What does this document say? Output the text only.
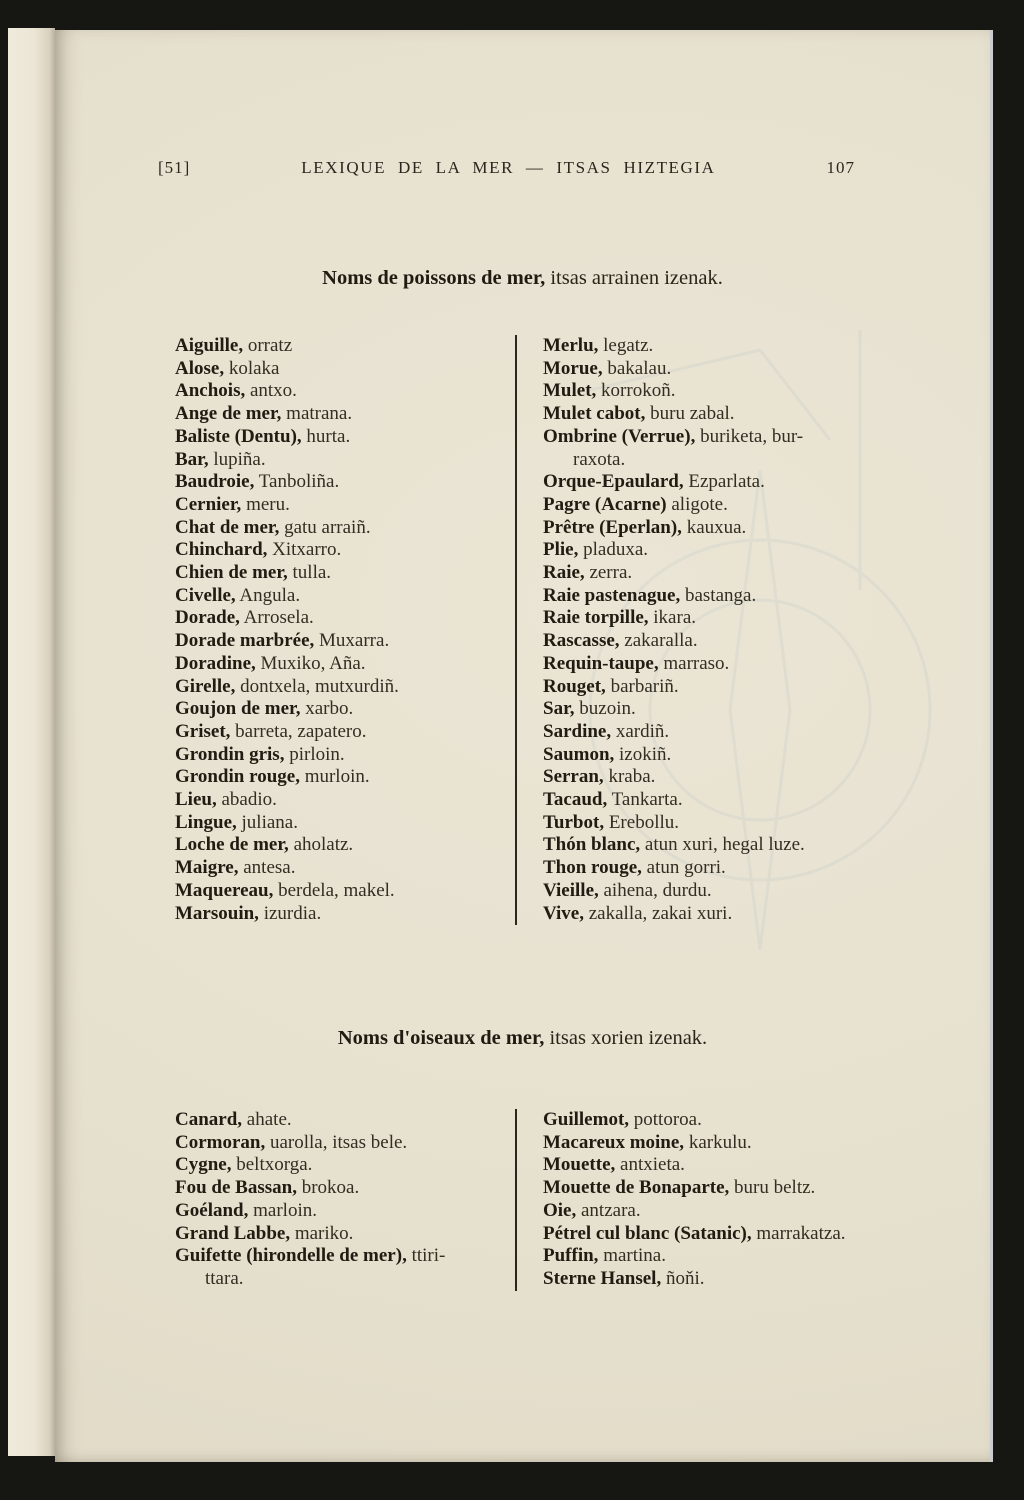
[51]	LEXIQUE DE LA MER — ITSAS HIZTEGIA	107
Noms de poissons de mer, itsas arrainen izenak.
Aiguille, orratz
Alose, kolaka
Anchois, antxo.
Ange de mer, matrana.
Baliste (Dentu), hurta.
Bar, lupiña.
Baudroie, Tanboliña.
Cernier, meru.
Chat de mer, gatu arraiñ.
Chinchard, Xitxarro.
Chien de mer, tulla.
Civelle, Angula.
Dorade, Arrosela.
Dorade marbrée, Muxarra.
Doradine, Muxiko, Aña.
Girelle, dontxela, mutxurdiñ.
Goujon de mer, xarbo.
Griset, barreta, zapatero.
Grondin gris, pirloin.
Grondin rouge, murloin.
Lieu, abadio.
Lingue, juliana.
Loche de mer, aholatz.
Maigre, antesa.
Maquereau, berdela, makel.
Marsouin, izurdia.
Merlu, legatz.
Morue, bakalau.
Mulet, korrokoñ.
Mulet cabot, buru zabal.
Ombrine (Verrue), buriketa, bur-
raxota.
Orque-Epaulard, Ezparlata.
Pagre (Acarne) aligote.
Prêtre (Eperlan), kauxua.
Plie, pladuxa.
Raie, zerra.
Raie pastenague, bastanga.
Raie torpille, ikara.
Rascasse, zakaralla.
Requin-taupe, marraso.
Rouget, barbariñ.
Sar, buzoin.
Sardine, xardiñ.
Saumon, izokiñ.
Serran, kraba.
Tacaud, Tankarta.
Turbot, Erebollu.
Thón blanc, atun xuri, hegal luze.
Thon rouge, atun gorri.
Vieille, aihena, durdu.
Vive, zakalla, zakai xuri.
Noms d'oiseaux de mer, itsas xorien izenak.
Canard, ahate.
Cormoran, uarolla, itsas bele.
Cygne, beltxorga.
Fou de Bassan, brokoa.
Goéland, marloin.
Grand Labbe, mariko.
Guifette (hirondelle de mer), ttiri-
ttara.
Guillemot, pottoroa.
Macareux moine, karkulu.
Mouette, antxieta.
Mouette de Bonaparte, buru beltz.
Oie, antzara.
Pétrel cul blanc (Satanic), marrakatza.
Puffin, martina.
Sterne Hansel, ñoňi.
